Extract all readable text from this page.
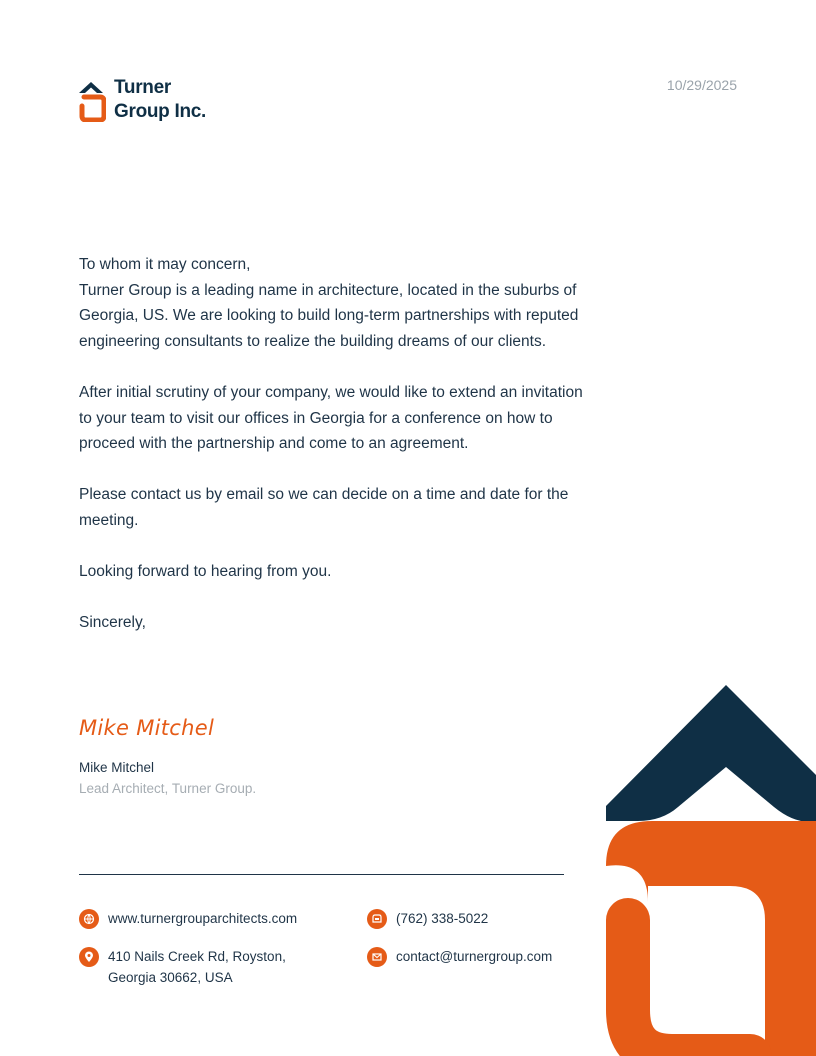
Turner
Group Inc.
10/29/2025

To whom it may concern,

Turner Group is a leading name in architecture, located in the suburbs of Georgia, US. We are looking to build long-term partnerships with reputed engineering consultants to realize the building dreams of our clients.

After initial scrutiny of your company, we would like to extend an invitation to your team to visit our offices in Georgia for a conference on how to proceed with the partnership and come to an agreement.

Please contact us by email so we can decide on a time and date for the meeting.

Looking forward to hearing from you.

Sincerely,

Mike Mitchel
Mike Mitchel
Lead Architect, Turner Group.
www.turnergrouparchitects.com	(762) 338-5022
410 Nails Creek Rd, Royston,
Georgia 30662, USA
contact@turnergroup.com
